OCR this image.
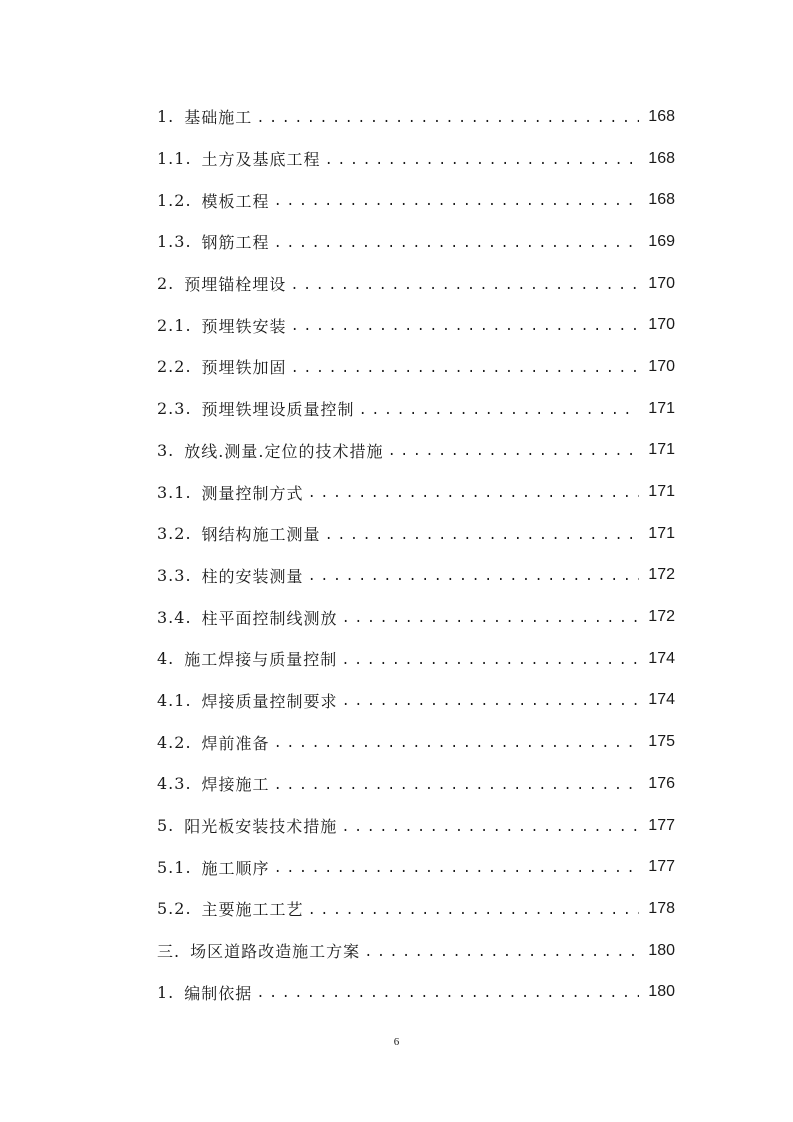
1. 基础施工 .....	168
1.1. 土方及基底工程 .....	168
1.2. 模板工程 .....	168
1.3. 钢筋工程 .....	169
2. 预埋锚栓埋设 .....	170
2.1. 预埋铁安装 .....	170
2.2. 预埋铁加固 .....	170
2.3. 预埋铁埋设质量控制 .....	171
3. 放线.测量.定位的技术措施 .....	171
3.1. 测量控制方式 .....	171
3.2. 钢结构施工测量 .....	171
3.3. 柱的安装测量 .....	172
3.4. 柱平面控制线测放 .....	172
4. 施工焊接与质量控制 .....	174
4.1. 焊接质量控制要求 .....	174
4.2. 焊前准备 .....	175
4.3. 焊接施工 .....	176
5. 阳光板安装技术措施 .....	177
5.1. 施工顺序 .....	177
5.2. 主要施工工艺 .....	178
三. 场区道路改造施工方案 .....	180
1. 编制依据 .....	180
6
